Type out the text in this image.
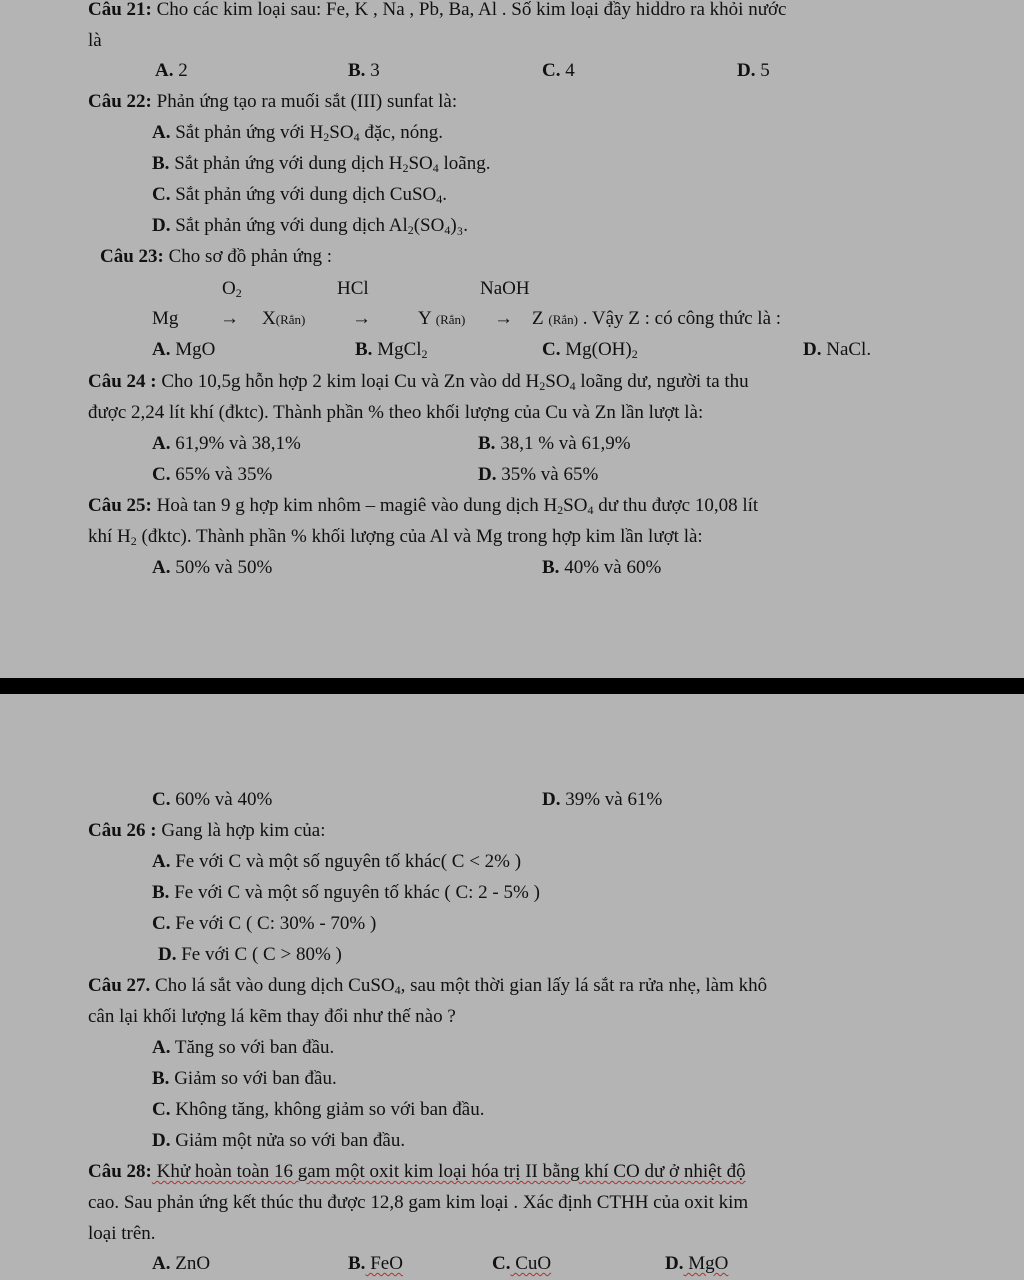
Câu 21: Cho các kim loại sau: Fe, K , Na , Pb, Ba, Al . Số kim loại đầy hiddro ra khỏi nước
là
A. 2	B. 3	C. 4	D. 5
Câu 22: Phản ứng tạo ra muối sắt (III) sunfat là:
A. Sắt phản ứng với $H_2SO_4$ đặc, nóng.
B. Sắt phản ứng với dung dịch $H_2SO_4$ loãng.
C. Sắt phản ứng với dung dịch CuSO$_4$.
D. Sắt phản ứng với dung dịch $Al_2(SO_4)_3$.
Câu 23: Cho sơ đồ phản ứng :
$O_2$	HCl	NaOH
Mg → X(Rắn) → Y (Rắn) → Z (Rắn) . Vậy Z : có công thức là :
A. MgO	B. MgCl$_2$	C. $Mg(OH)_2$	D. NaCl.
Câu 24 : Cho 10,5g hỗn hợp 2 kim loại Cu và Zn vào dd $H_2SO_4$ loãng dư, người ta thu
được 2,24 lít khí (đktc). Thành phần % theo khối lượng của Cu và Zn lần lượt là:
A. 61,9% và 38,1%	B. 38,1 % và 61,9%
C. 65% và 35%	D. 35% và 65%
Câu 25: Hoà tan 9 g hợp kim nhôm – magiê vào dung dịch $H_2SO_4$ dư thu được 10,08 lít
khí $H_2$ (đktc). Thành phần % khối lượng của Al và Mg trong hợp kim lần lượt là:
A. 50% và 50%	B. 40% và 60%
C. 60% và 40%	D. 39% và 61%
Câu 26 : Gang là hợp kim của:
A. Fe với C và một số nguyên tố khác( C < 2% )
B. Fe với C và một số nguyên tố khác ( C: 2 - 5% )
C. Fe với C ( C: 30% - 70% )
D. Fe với C ( C > 80% )
Câu 27. Cho lá sắt vào dung dịch CuSO$_4$, sau một thời gian lấy lá sắt ra rửa nhẹ, làm khô
cân lại khối lượng lá kẽm thay đổi như thế nào ?
A. Tăng so với ban đầu.
B. Giảm so với ban đầu.
C. Không tăng, không giảm so với ban đầu.
D. Giảm một nửa so với ban đầu.
Câu 28: Khử hoàn toàn 16 gam một oxit kim loại hóa trị II bằng khí CO dư ở nhiệt độ
cao. Sau phản ứng kết thúc thu được 12,8 gam kim loại . Xác định CTHH của oxit kim
loại trên.
A. ZnO	B. FeO	C. CuO	D. MgO
